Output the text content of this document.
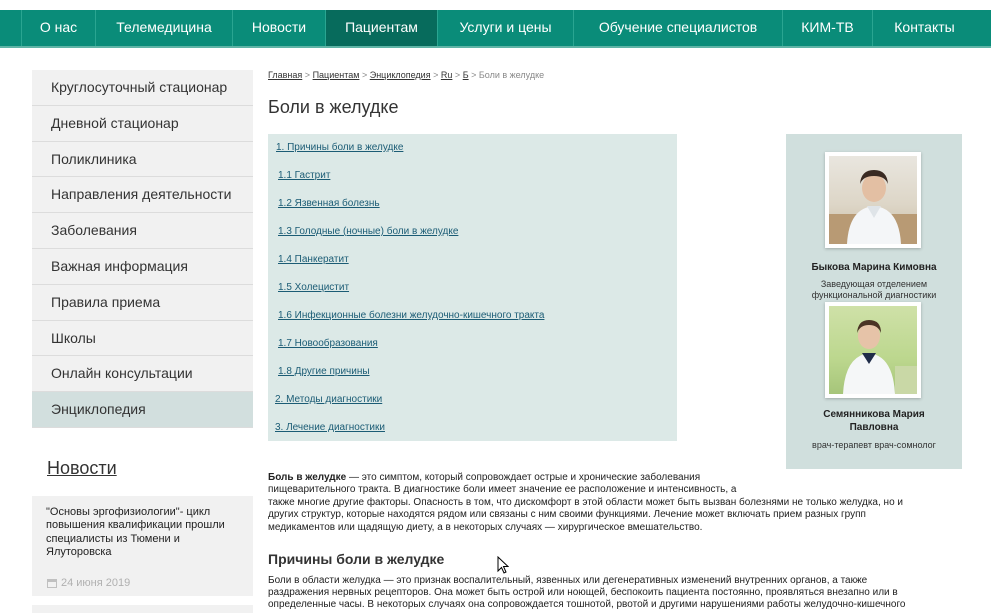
О нас	Телемедицина	Новости	Пациентам	Услуги и цены	Обучение специалистов	КИМ-ТВ	Контакты
Круглосуточный стационар
Дневной стационар
Поликлиника
Направления деятельности
Заболевания
Важная информация
Правила приема
Школы
Онлайн консультации
Энциклопедия
Новости
"Основы эргофизиологии"- цикл повышения квалификации прошли специалисты из Тюмени и Ялуторовска
24 июня 2019
Главная > Пациентам > Энциклопедия > Ru > Б > Боли в желудке
Боли в желудке
1. Причины боли в желудке
1.1 Гастрит
1.2 Язвенная болезнь
1.3 Голодные (ночные) боли в желудке
1.4 Панкератит
1.5 Холецистит
1.6 Инфекционные болезни желудочно-кишечного тракта
1.7 Новообразования
1.8 Другие причины
2. Методы диагностики
3. Лечение диагностики
Быкова Марина Кимовна
Заведующая отделением
функциональной диагностики
Семянникова Мария
Павловна
врач-терапевт врач-сомнолог
Боль в желудке — это симптом, который сопровождает острые и хронические заболевания
пищеварительного тракта. В диагностике боли имеет значение ее расположение и интенсивность, а
также многие другие факторы. Опасность в том, что дискомфорт в этой области может быть вызван болезнями не только желудка, но и
других структур, которые находятся рядом или связаны с ним своими функциями. Лечение может включать прием разных групп
медикаментов или щадящую диету, а в некоторых случаях — хирургическое вмешательство.
Причины боли в желудке
Боли в области желудка — это признак воспалительный, язвенных или дегенеративных изменений внутренних органов, а также
раздражения нервных рецепторов. Она может быть острой или ноющей, беспокоить пациента постоянно, проявляться внезапно или в
определенные часы. В некоторых случаях она сопровождается тошнотой, рвотой и другими нарушениями работы желудочно-кишечного
